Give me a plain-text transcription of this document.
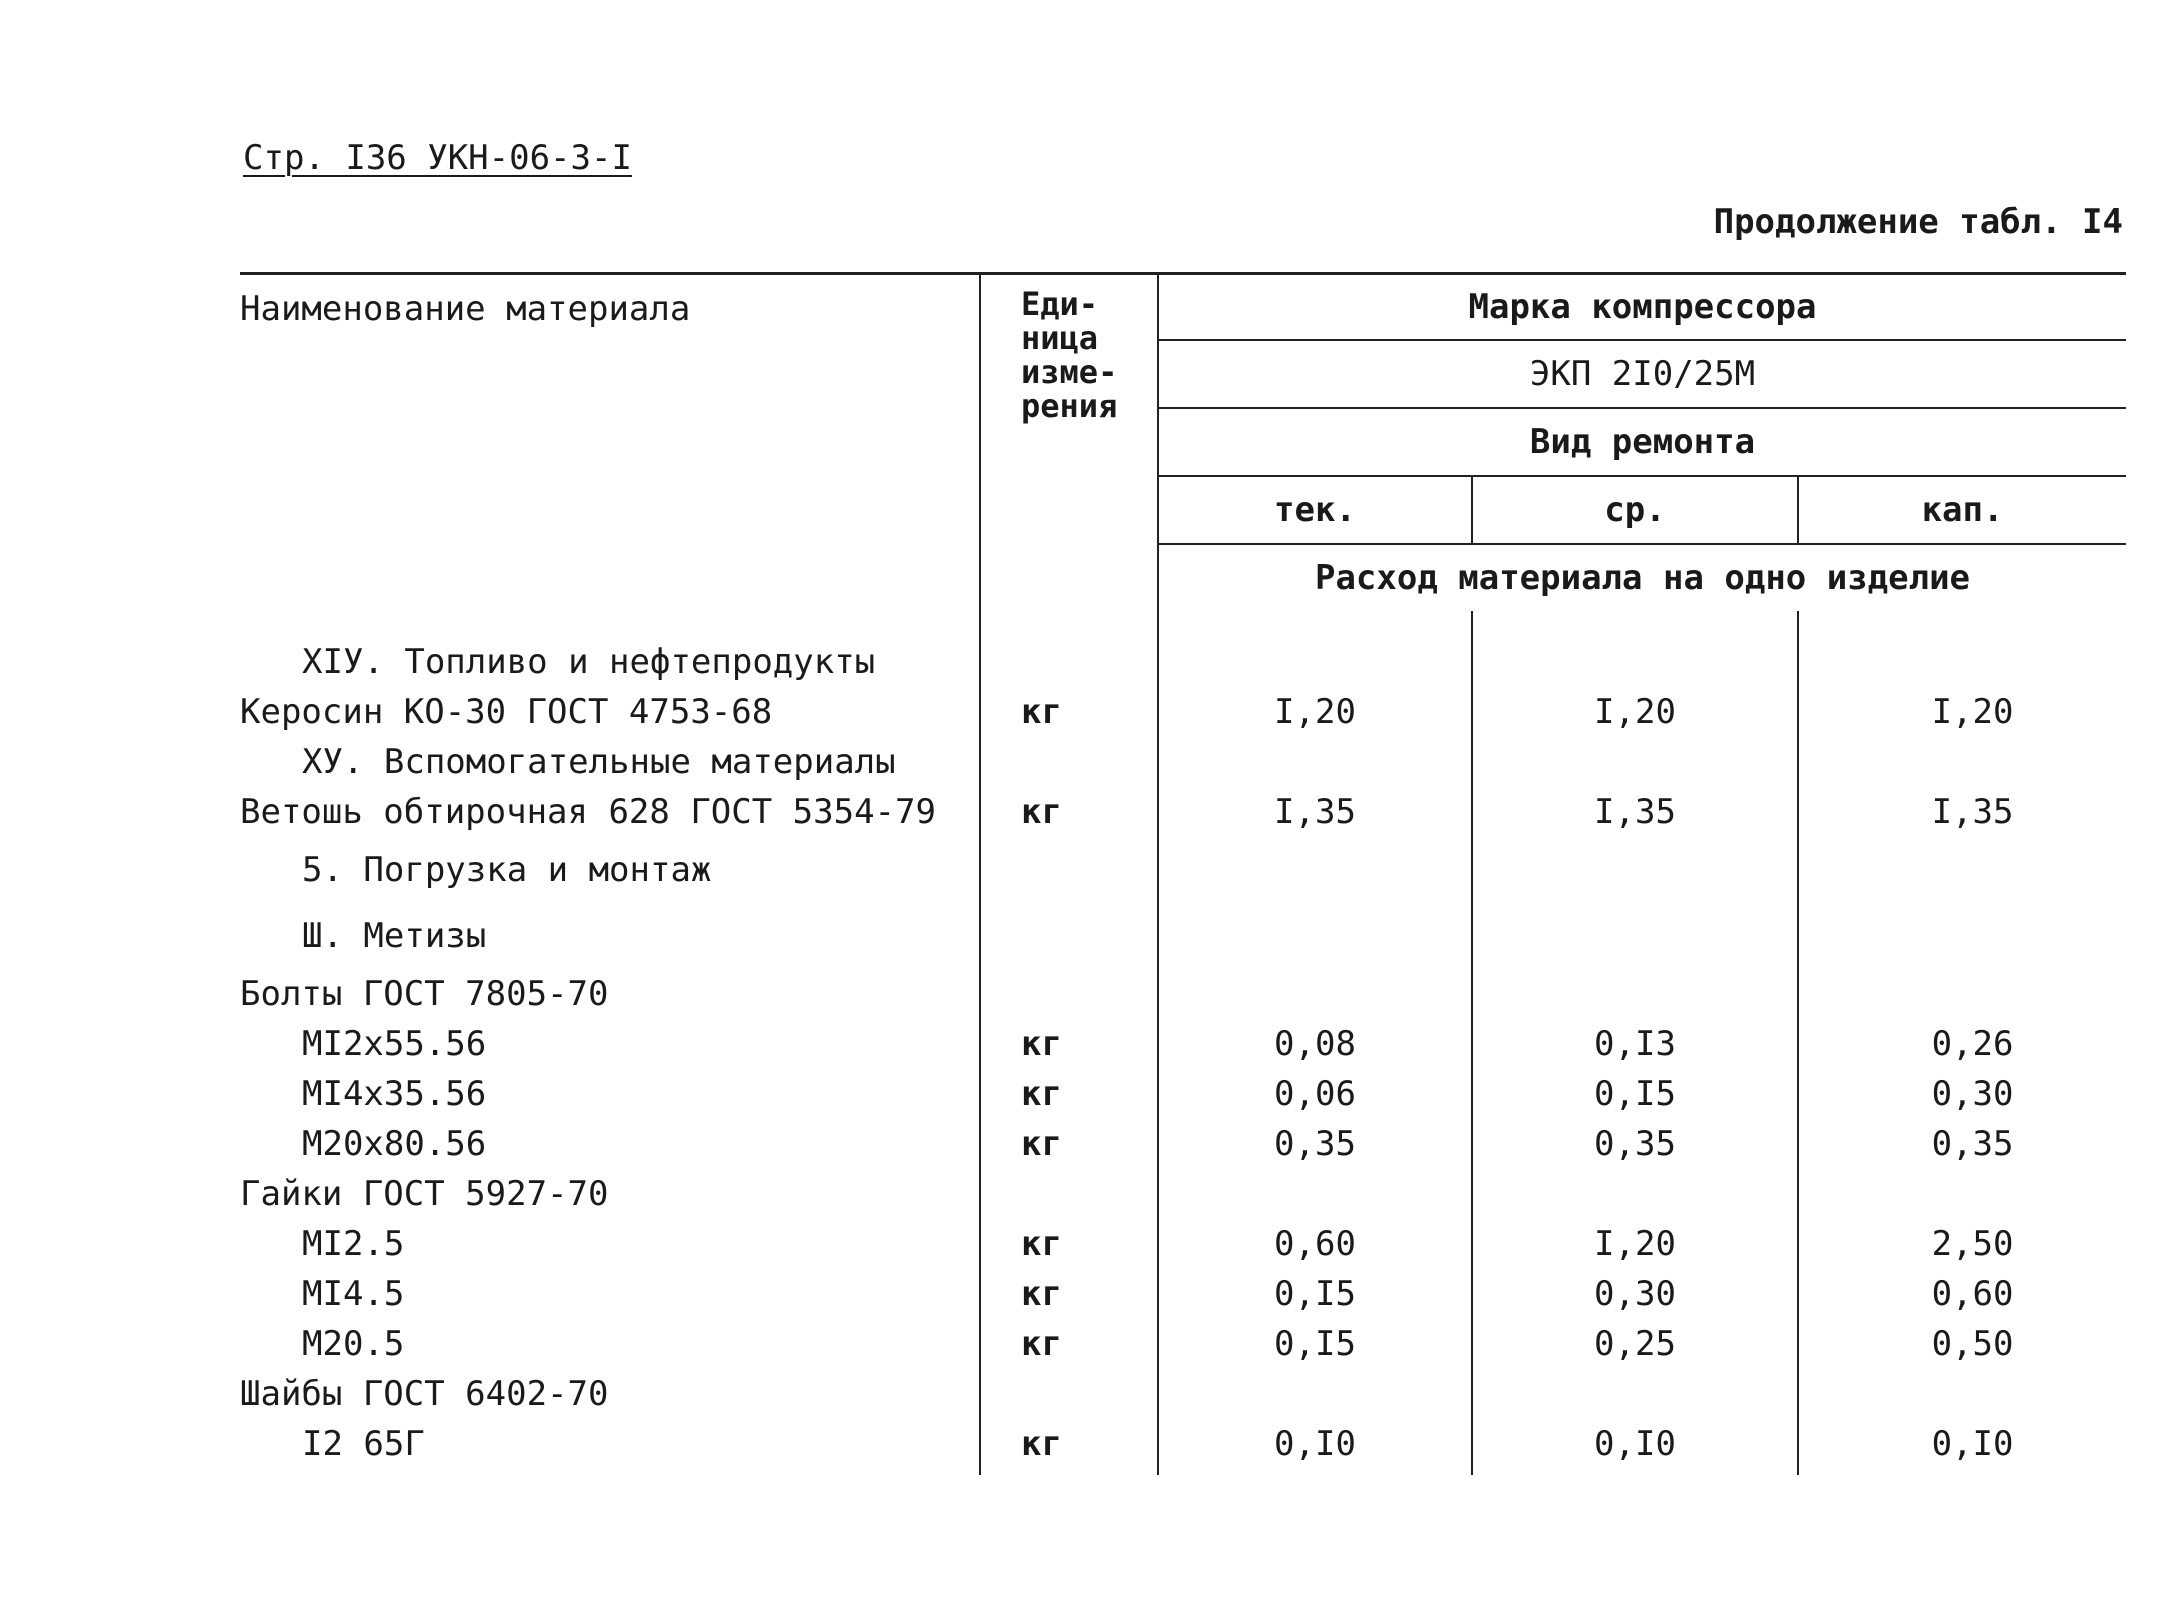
Стр. I36 УКН-06-3-I

Продолжение табл. I4

Наименование материала	Еди-
ница
изме-
рения	Марка компрессора		
		ЭКП 2I0/25М		
		Вид ремонта		
		тек.	ср.	кап.
		Расход материала на одно изделие		
XIУ. Топливо и нефтепродукты				
Керосин КО-30 ГОСТ 4753-68	кг	I,20	I,20	I,20
ХУ. Вспомогательные материалы				
Ветошь обтирочная 628 ГОСТ 5354-79	кг	I,35	I,35	I,35
5. Погрузка и монтаж				
Ш. Метизы				
Болты ГОСТ 7805-70				
МI2х55.56	кг	0,08	0,I3	0,26
МI4х35.56	кг	0,06	0,I5	0,30
М20х80.56	кг	0,35	0,35	0,35
Гайки ГОСТ 5927-70				
МI2.5	кг	0,60	I,20	2,50
МI4.5	кг	0,I5	0,30	0,60
М20.5	кг	0,I5	0,25	0,50
Шайбы ГОСТ 6402-70				
I2 65Г	кг	0,I0	0,I0	0,I0
